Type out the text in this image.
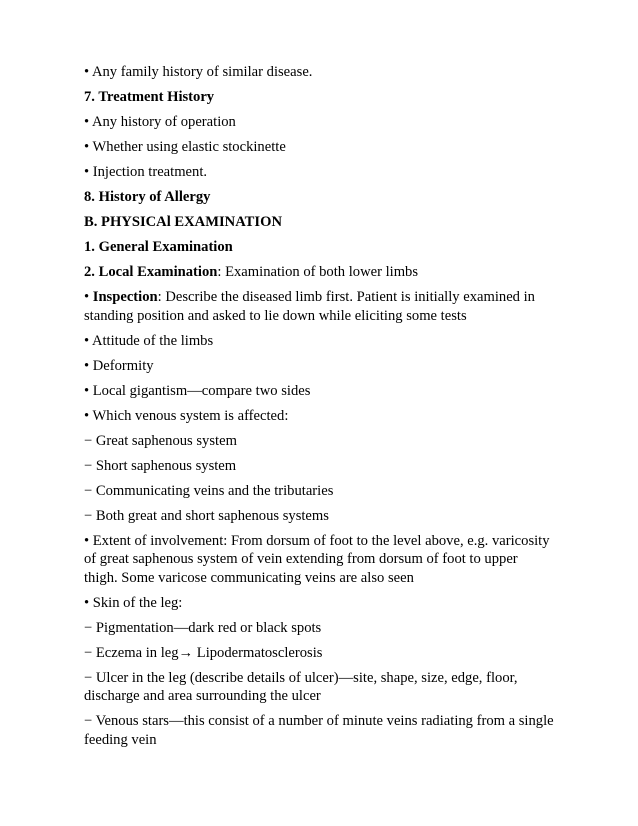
• Any family history of similar disease.
7. Treatment History
• Any history of operation
• Whether using elastic stockinette
• Injection treatment.
8. History of Allergy
B. PHYSICAl EXAMINATION
1. General Examination
2. Local Examination: Examination of both lower limbs
• Inspection: Describe the diseased limb first. Patient is initially examined in standing position and asked to lie down while eliciting some tests
• Attitude of the limbs
• Deformity
• Local gigantism—compare two sides
• Which venous system is affected:
− Great saphenous system
− Short saphenous system
− Communicating veins and the tributaries
− Both great and short saphenous systems
• Extent of involvement: From dorsum of foot to the level above, e.g. varicosity of great saphenous system of vein extending from dorsum of foot to upper thigh. Some varicose communicating veins are also seen
• Skin of the leg:
− Pigmentation—dark red or black spots
− Eczema in leg→ Lipodermatosclerosis
− Ulcer in the leg (describe details of ulcer)—site, shape, size, edge, floor, discharge and area surrounding the ulcer
− Venous stars—this consist of a number of minute veins radiating from a single feeding vein
